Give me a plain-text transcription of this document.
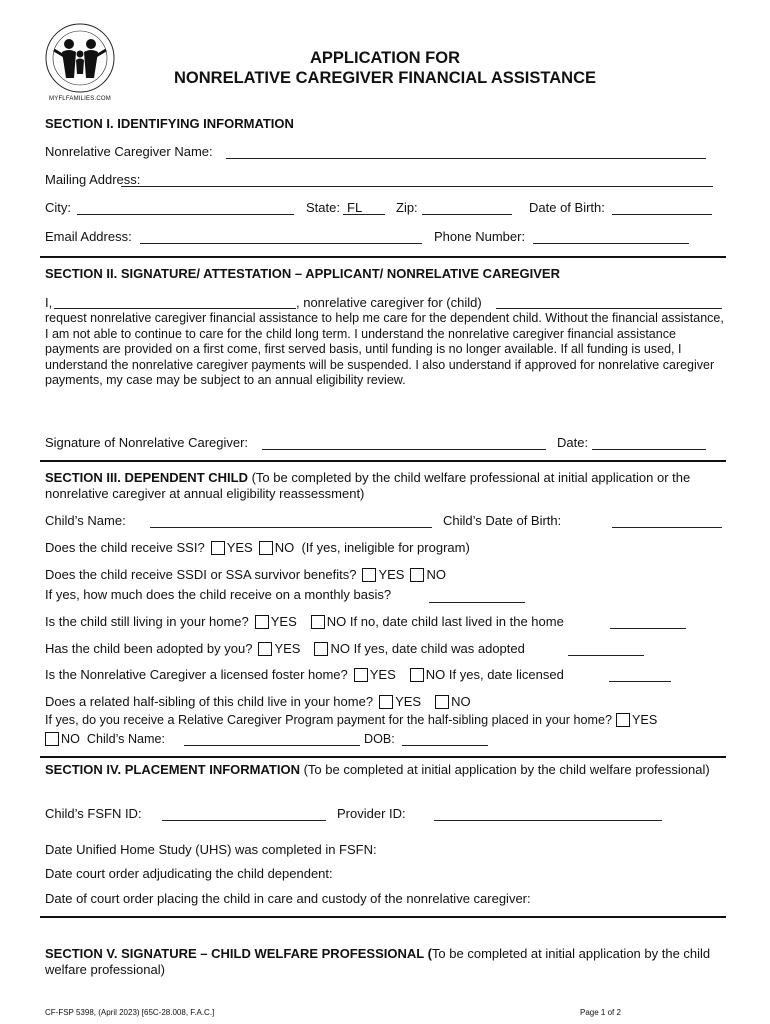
MYFLFAMILIES.COM
APPLICATION FOR
NONRELATIVE CAREGIVER FINANCIAL ASSISTANCE
SECTION I. IDENTIFYING INFORMATION
Nonrelative Caregiver Name:
Mailing Address:
City:	State: FL	Zip:	Date of Birth:
Email Address:	Phone Number:
SECTION II. SIGNATURE/ ATTESTATION – APPLICANT/ NONRELATIVE CAREGIVER
I,	, nonrelative caregiver for (child)
request nonrelative caregiver financial assistance to help me care for the dependent child. Without the financial assistance, I am not able to continue to care for the child long term. I understand the nonrelative caregiver financial assistance payments are provided on a first come, first served basis, until funding is no longer available. If all funding is used, I understand the nonrelative caregiver payments will be suspended. I also understand if approved for nonrelative caregiver payments, my case may be subject to an annual eligibility review.
Signature of Nonrelative Caregiver:	Date:
SECTION III. DEPENDENT CHILD (To be completed by the child welfare professional at initial application or the nonrelative caregiver at annual eligibility reassessment)
Child’s Name:	Child’s Date of Birth:
Does the child receive SSI? YES NO (If yes, ineligible for program)
Does the child receive SSDI or SSA survivor benefits? YES NO
If yes, how much does the child receive on a monthly basis?
Is the child still living in your home? YES NO If no, date child last lived in the home
Has the child been adopted by you? YES NO If yes, date child was adopted
Is the Nonrelative Caregiver a licensed foster home? YES NO If yes, date licensed
Does a related half-sibling of this child live in your home? YES NO
If yes, do you receive a Relative Caregiver Program payment for the half-sibling placed in your home? YES
NO Child’s Name:	DOB:
SECTION IV. PLACEMENT INFORMATION (To be completed at initial application by the child welfare professional)
Child’s FSFN ID:	Provider ID:
Date Unified Home Study (UHS) was completed in FSFN:
Date court order adjudicating the child dependent:
Date of court order placing the child in care and custody of the nonrelative caregiver:
SECTION V. SIGNATURE – CHILD WELFARE PROFESSIONAL (To be completed at initial application by the child welfare professional)
CF-FSP 5398, (April 2023) [65C-28.008, F.A.C.]	Page 1 of 2
